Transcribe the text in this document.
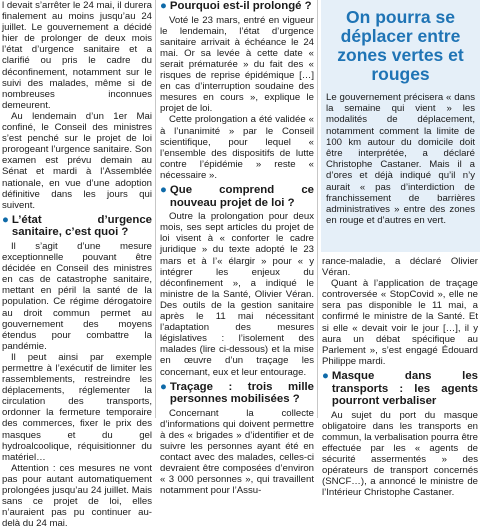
l devait s’arrêter le 24 mai, il durera finalement au moins jusqu’au 24 juillet. Le gouvernement a décidé hier de prolonger de deux mois l’état d’urgence sanitaire et a clarifié ou pris le cadre du déconfinement, notamment sur le suivi des malades, même si de nombreuses inconnues demeurent.

Au lendemain d’un 1er Mai confiné, le Conseil des ministres s’est penché sur le projet de loi prorogeant l’urgence sanitaire. Son examen est prévu demain au Sénat et mardi à l’Assemblée nationale, en vue d’une adoption définitive dans les jours qui suivent.

● L’état d’urgence sanitaire, c’est quoi ?

Il s’agit d’une mesure exceptionnelle pouvant être décidée en Conseil des ministres en cas de catastrophe sanitaire, mettant en péril la santé de la population. Ce régime dérogatoire au droit commun permet au gouvernement des moyens étendus pour combattre la pandémie.

Il peut ainsi par exemple permettre à l’exécutif de limiter les rassemblements, restreindre les déplacements, réglementer la circulation des transports, ordonner la fermeture temporaire des commerces, fixer le prix des masques et du gel hydroalcoolique, réquisitionner du matériel…

Attention : ces mesures ne vont pas pour autant automatiquement prolongées jusqu’au 24 juillet. Mais sans ce projet de loi, elles n’auraient pas pu continuer au-delà du 24 mai.

● Pourquoi est-il prolongé ?

Voté le 23 mars, entré en vigueur le lendemain, l’état d’urgence sanitaire arrivait à échéance le 24 mai. Or sa levée à cette date « serait prématurée » du fait des « risques de reprise épidémique […] en cas d’interruption soudaine des mesures en cours », explique le projet de loi.

Cette prolongation a été validée « à l’unanimité » par le Conseil scientifique, pour lequel « l’ensemble des dispositifs de lutte contre l’épidémie » reste « nécessaire ».

● Que comprend ce nouveau projet de loi ?

Outre la prolongation pour deux mois, ses sept articles du projet de loi visent à « conforter le cadre juridique » du texte adopté le 23 mars et à l’« élargir » pour « y intégrer les enjeux du déconfinement », a indiqué le ministre de la Santé, Olivier Véran. Des outils de la gestion sanitaire après le 11 mai nécessitant l’adaptation des mesures législatives : l’isolement des malades (lire ci-dessous) et la mise en œuvre d’un traçage les concernant, eux et leur entourage.

● Traçage : trois mille personnes mobilisées ?

Concernant la collecte d’informations qui doivent permettre à des « brigades » d’identifier et de suivre les personnes ayant été en contact avec des malades, celles-ci devraient être composées d’environ « 3 000 personnes », qui travaillent notamment pour l’Assu-

On pourra se déplacer entre zones vertes et rouges
Le gouvernement précisera « dans la semaine qui vient » les modalités de déplacement, notamment comment la limite de 100 km autour du domicile doit être interprétée, a déclaré Christophe Castaner. Mais il a d’ores et déjà indiqué qu’il n’y aurait « pas d’interdiction de franchissement de barrières administratives » entre des zones en rouge et d’autres en vert.

rance-maladie, a déclaré Olivier Véran.

Quant à l’application de traçage controversée « StopCovid », elle ne sera pas disponible le 11 mai, a confirmé le ministre de la Santé. Et si elle « devait voir le jour […], il y aura un débat spécifique au Parlement », s’est engagé Édouard Philippe mardi.

● Masque dans les transports : les agents pourront verbaliser

Au sujet du port du masque obligatoire dans les transports en commun, la verbalisation pourra être effectuée par les « agents de sécurité assermentés » des opérateurs de transport concernés (SNCF…), a annoncé le ministre de l’Intérieur Christophe Castaner.
